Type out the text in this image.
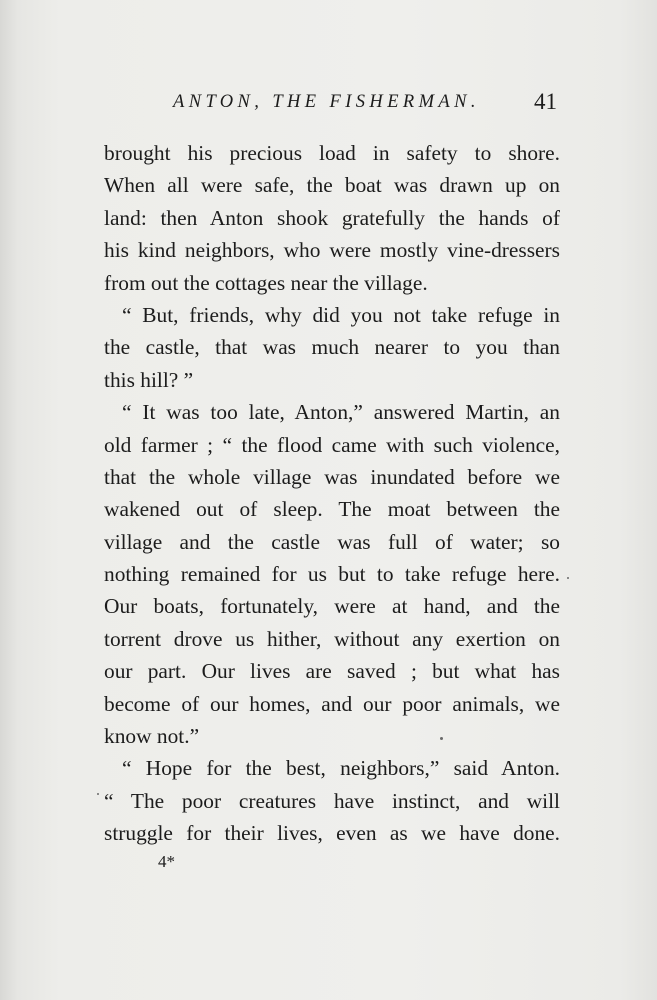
ANTON, THE FISHERMAN. 41
brought his precious load in safety to shore.
When all were safe, the boat was drawn up on
land: then Anton shook gratefully the hands of
his kind neighbors, who were mostly vine-dressers
from out the cottages near the village.
“ But, friends, why did you not take refuge in
the castle, that was much nearer to you than
this hill? ”
“ It was too late, Anton,” answered Martin, an
old farmer ; “ the flood came with such violence,
that the whole village was inundated before we
wakened out of sleep. The moat between the
village and the castle was full of water; so
nothing remained for us but to take refuge here.
Our boats, fortunately, were at hand, and the
torrent drove us hither, without any exertion on
our part. Our lives are saved ; but what has
become of our homes, and our poor animals, we
know not.”
“ Hope for the best, neighbors,” said Anton.
“ The poor creatures have instinct, and will
struggle for their lives, even as we have done.
4*
